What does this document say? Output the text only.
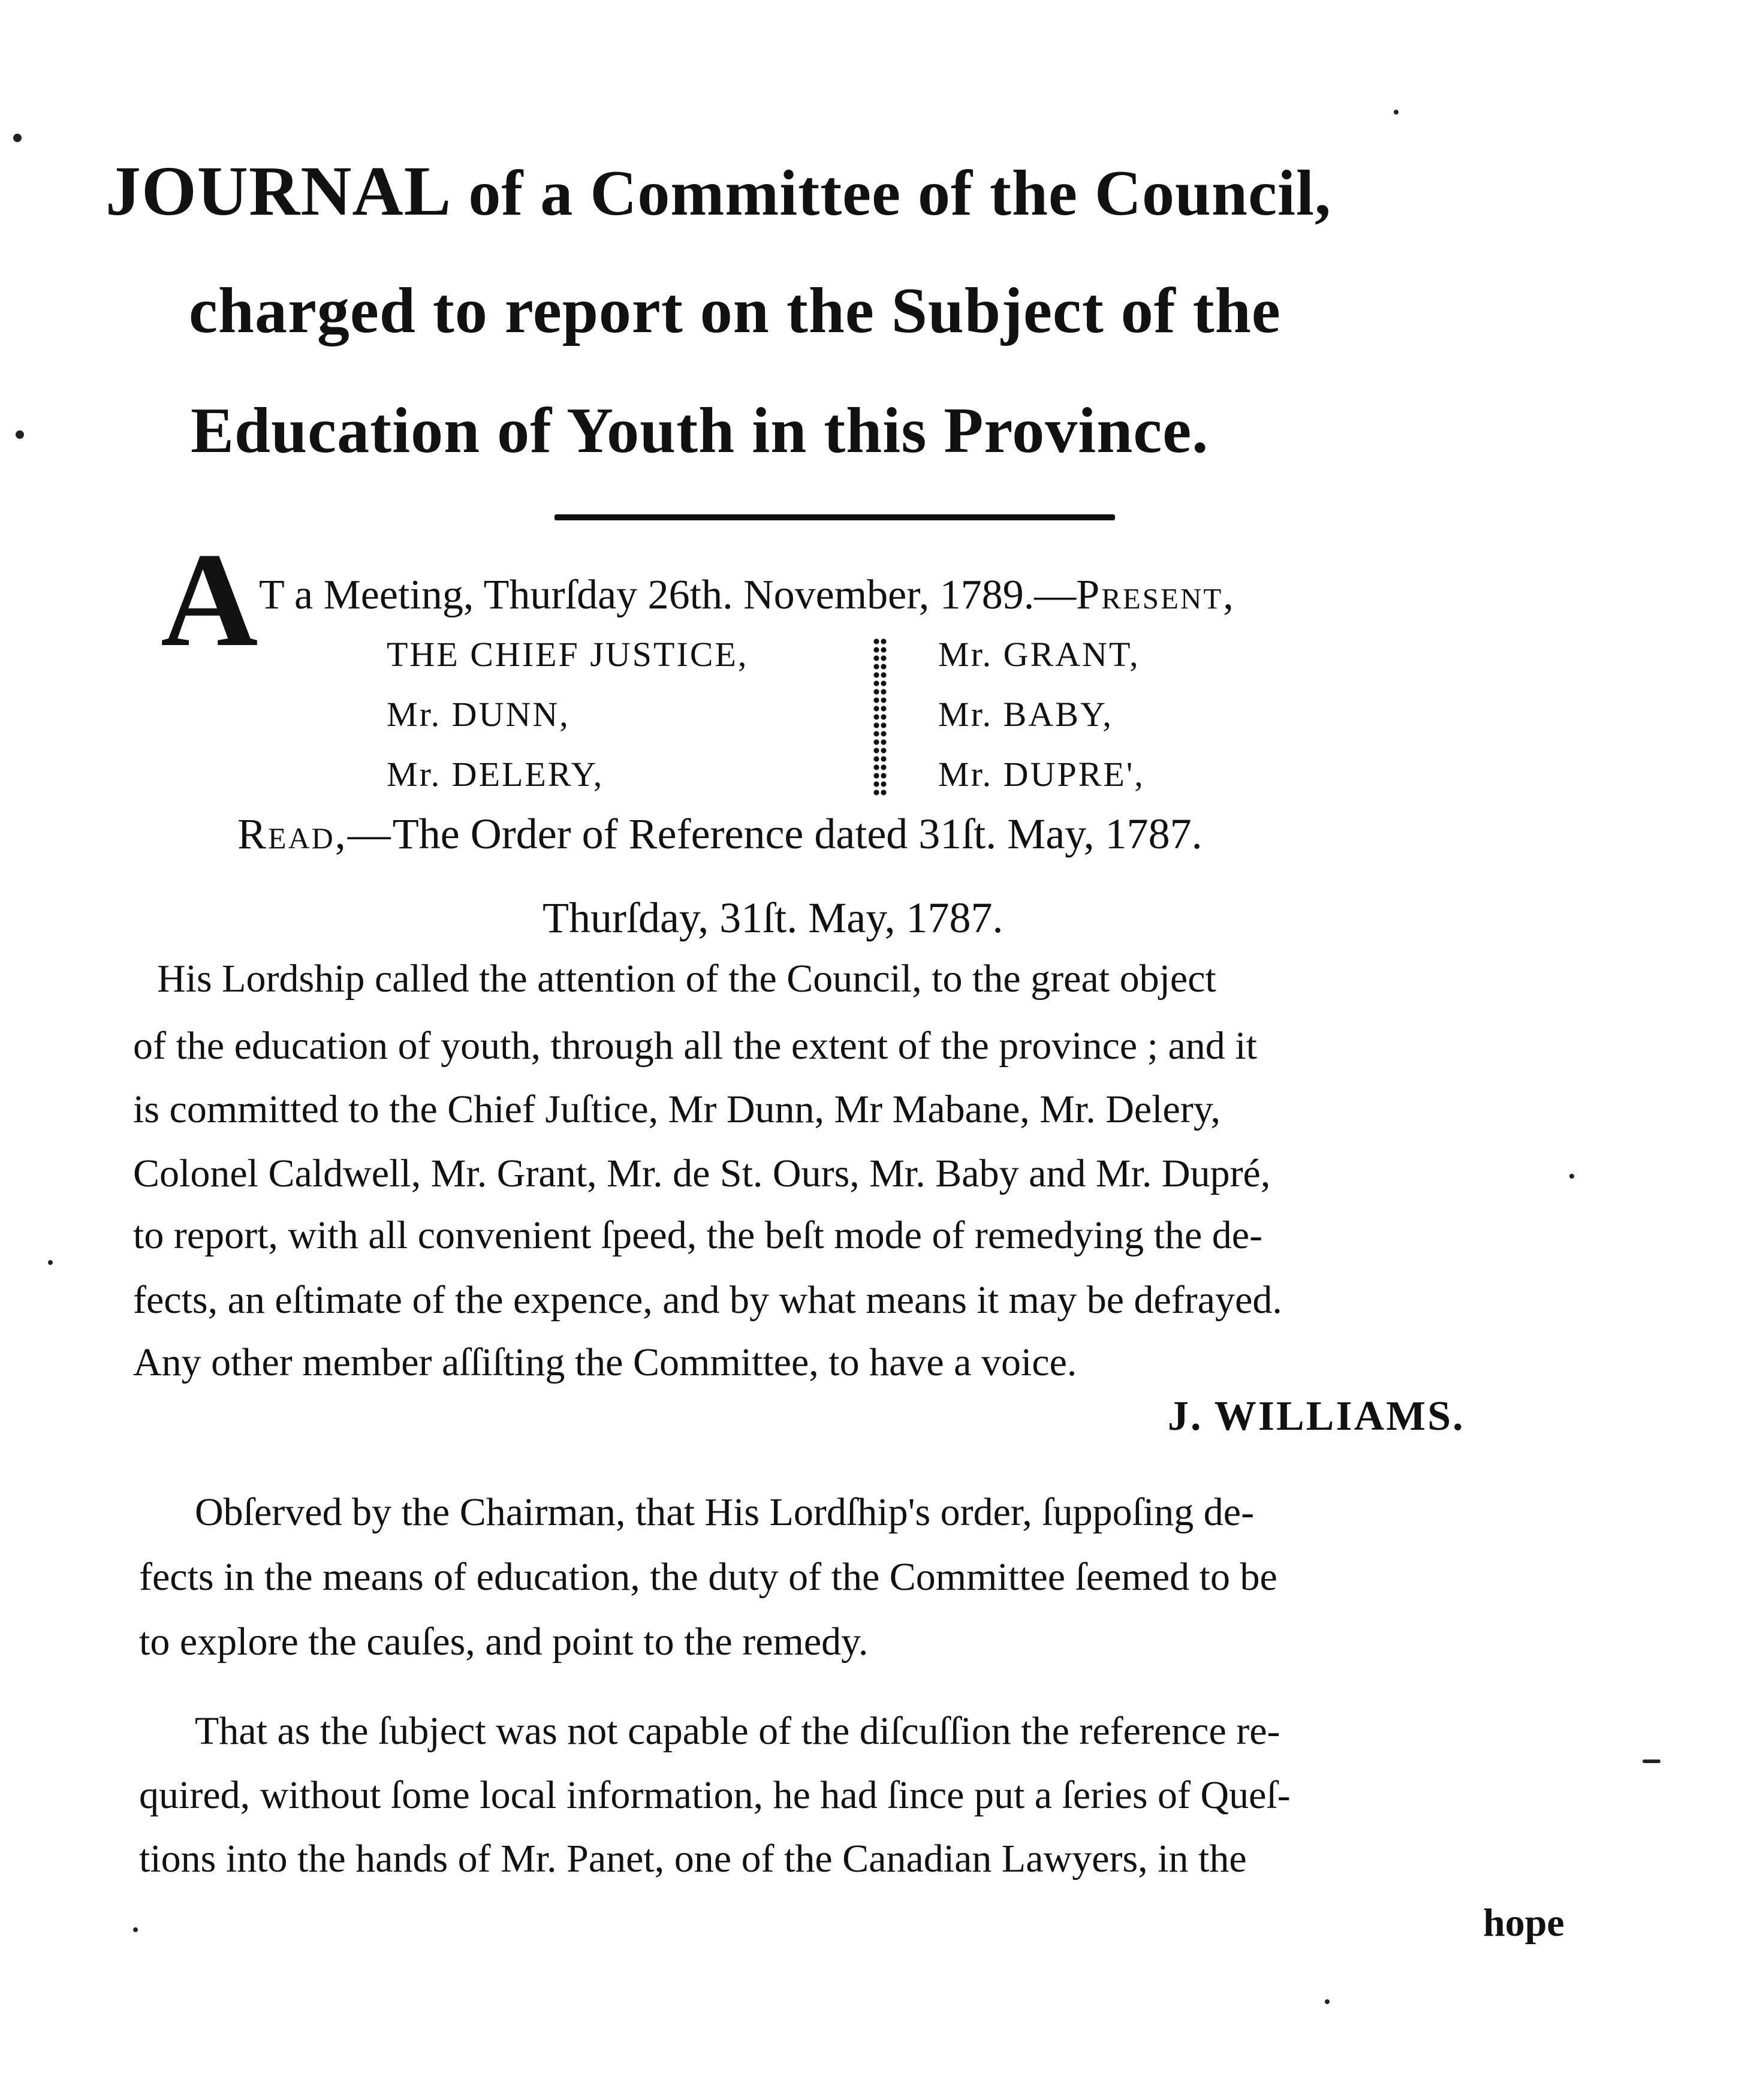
JOURNAL of a Committee of the Council,
charged to report on the Subject of the
Education of Youth in this Province.
A T a Meeting, Thurſday 26th. November, 1789.—Present,
THE CHIEF JUSTICE,
Mr. DUNN,
Mr. DELERY,
Mr. GRANT,
Mr. BABY,
Mr. DUPRE',
Read,—The Order of Reference dated 31ſt. May, 1787.
Thurſday, 31ſt. May, 1787.
His Lordship called the attention of the Council, to the great object
of the education of youth, through all the extent of the province ; and it
is committed to the Chief Juſtice, Mr Dunn, Mr Mabane, Mr. Delery,
Colonel Caldwell, Mr. Grant, Mr. de St. Ours, Mr. Baby and Mr. Dupré,
to report, with all convenient ſpeed, the beſt mode of remedying the de-
fects, an eſtimate of the expence, and by what means it may be defrayed.
Any other member aſſiſting the Committee, to have a voice.
J. WILLIAMS.
Obſerved by the Chairman, that His Lordſhip's order, ſuppoſing de-
fects in the means of education, the duty of the Committee ſeemed to be
to explore the cauſes, and point to the remedy.
That as the ſubject was not capable of the diſcuſſion the reference re-
quired, without ſome local information, he had ſince put a ſeries of Queſ-
tions into the hands of Mr. Panet, one of the Canadian Lawyers, in the
hope
